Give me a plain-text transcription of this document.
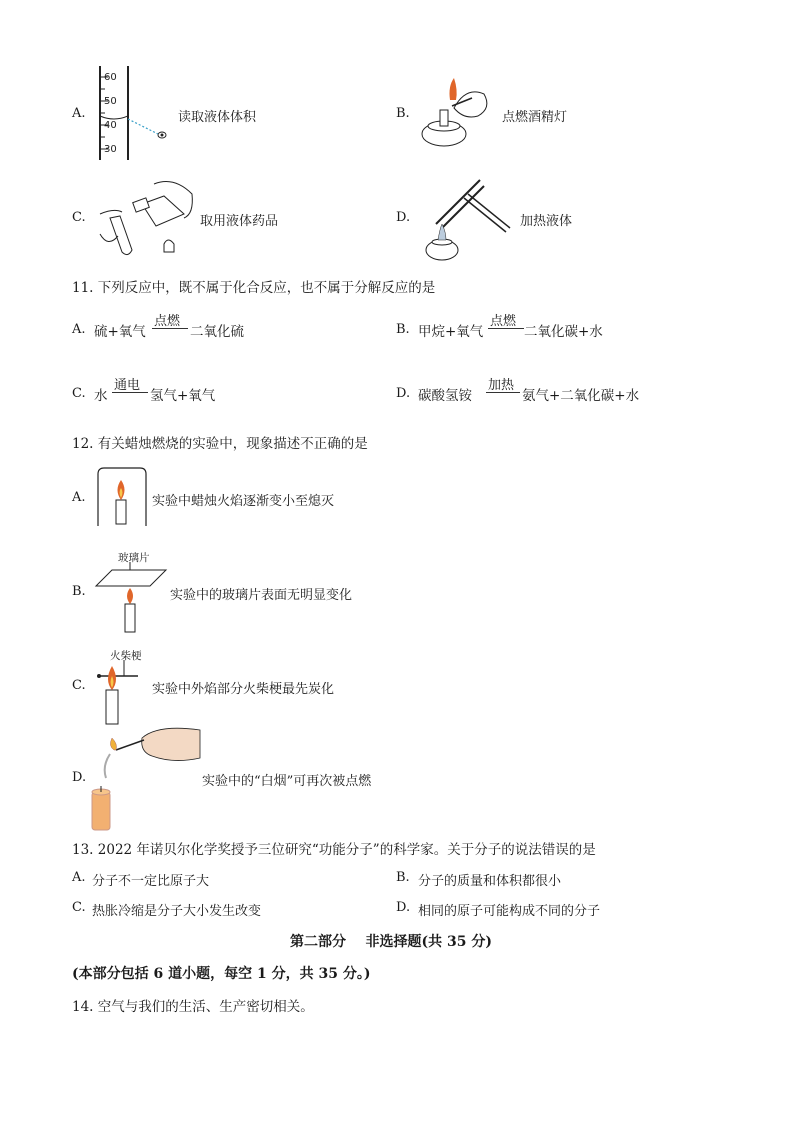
A.
60
50
40
30
读取液体体积	B.	点燃酒精灯
C.	取用液体药品	D.	加热液体
11. 下列反应中，既不属于化合反应，也不属于分解反应的是
A. 硫+氧气
点燃
二氧化硫	B. 甲烷+氧气
点燃
二氧化碳+水
C. 水
通电
氢气+氧气	D. 碳酸氢铵
加热
氨气+二氧化碳+水
12. 有关蜡烛燃烧的实验中，现象描述不正确的是
A.	实验中蜡烛火焰逐渐变小至熄灭
玻璃片
B.	实验中的玻璃片表面无明显变化
火柴梗
C.	实验中外焰部分火柴梗最先炭化
D.	实验中的“白烟”可再次被点燃
13. 2022 年诺贝尔化学奖授予三位研究“功能分子”的科学家。关于分子的说法错误的是
A. 分子不一定比原子大	B. 分子的质量和体积都很小
C. 热胀冷缩是分子大小发生改变	D. 相同的原子可能构成不同的分子
第二部分    非选择题(共 35 分)
(本部分包括 6 道小题，每空 1 分，共 35 分。)
14. 空气与我们的生活、生产密切相关。
